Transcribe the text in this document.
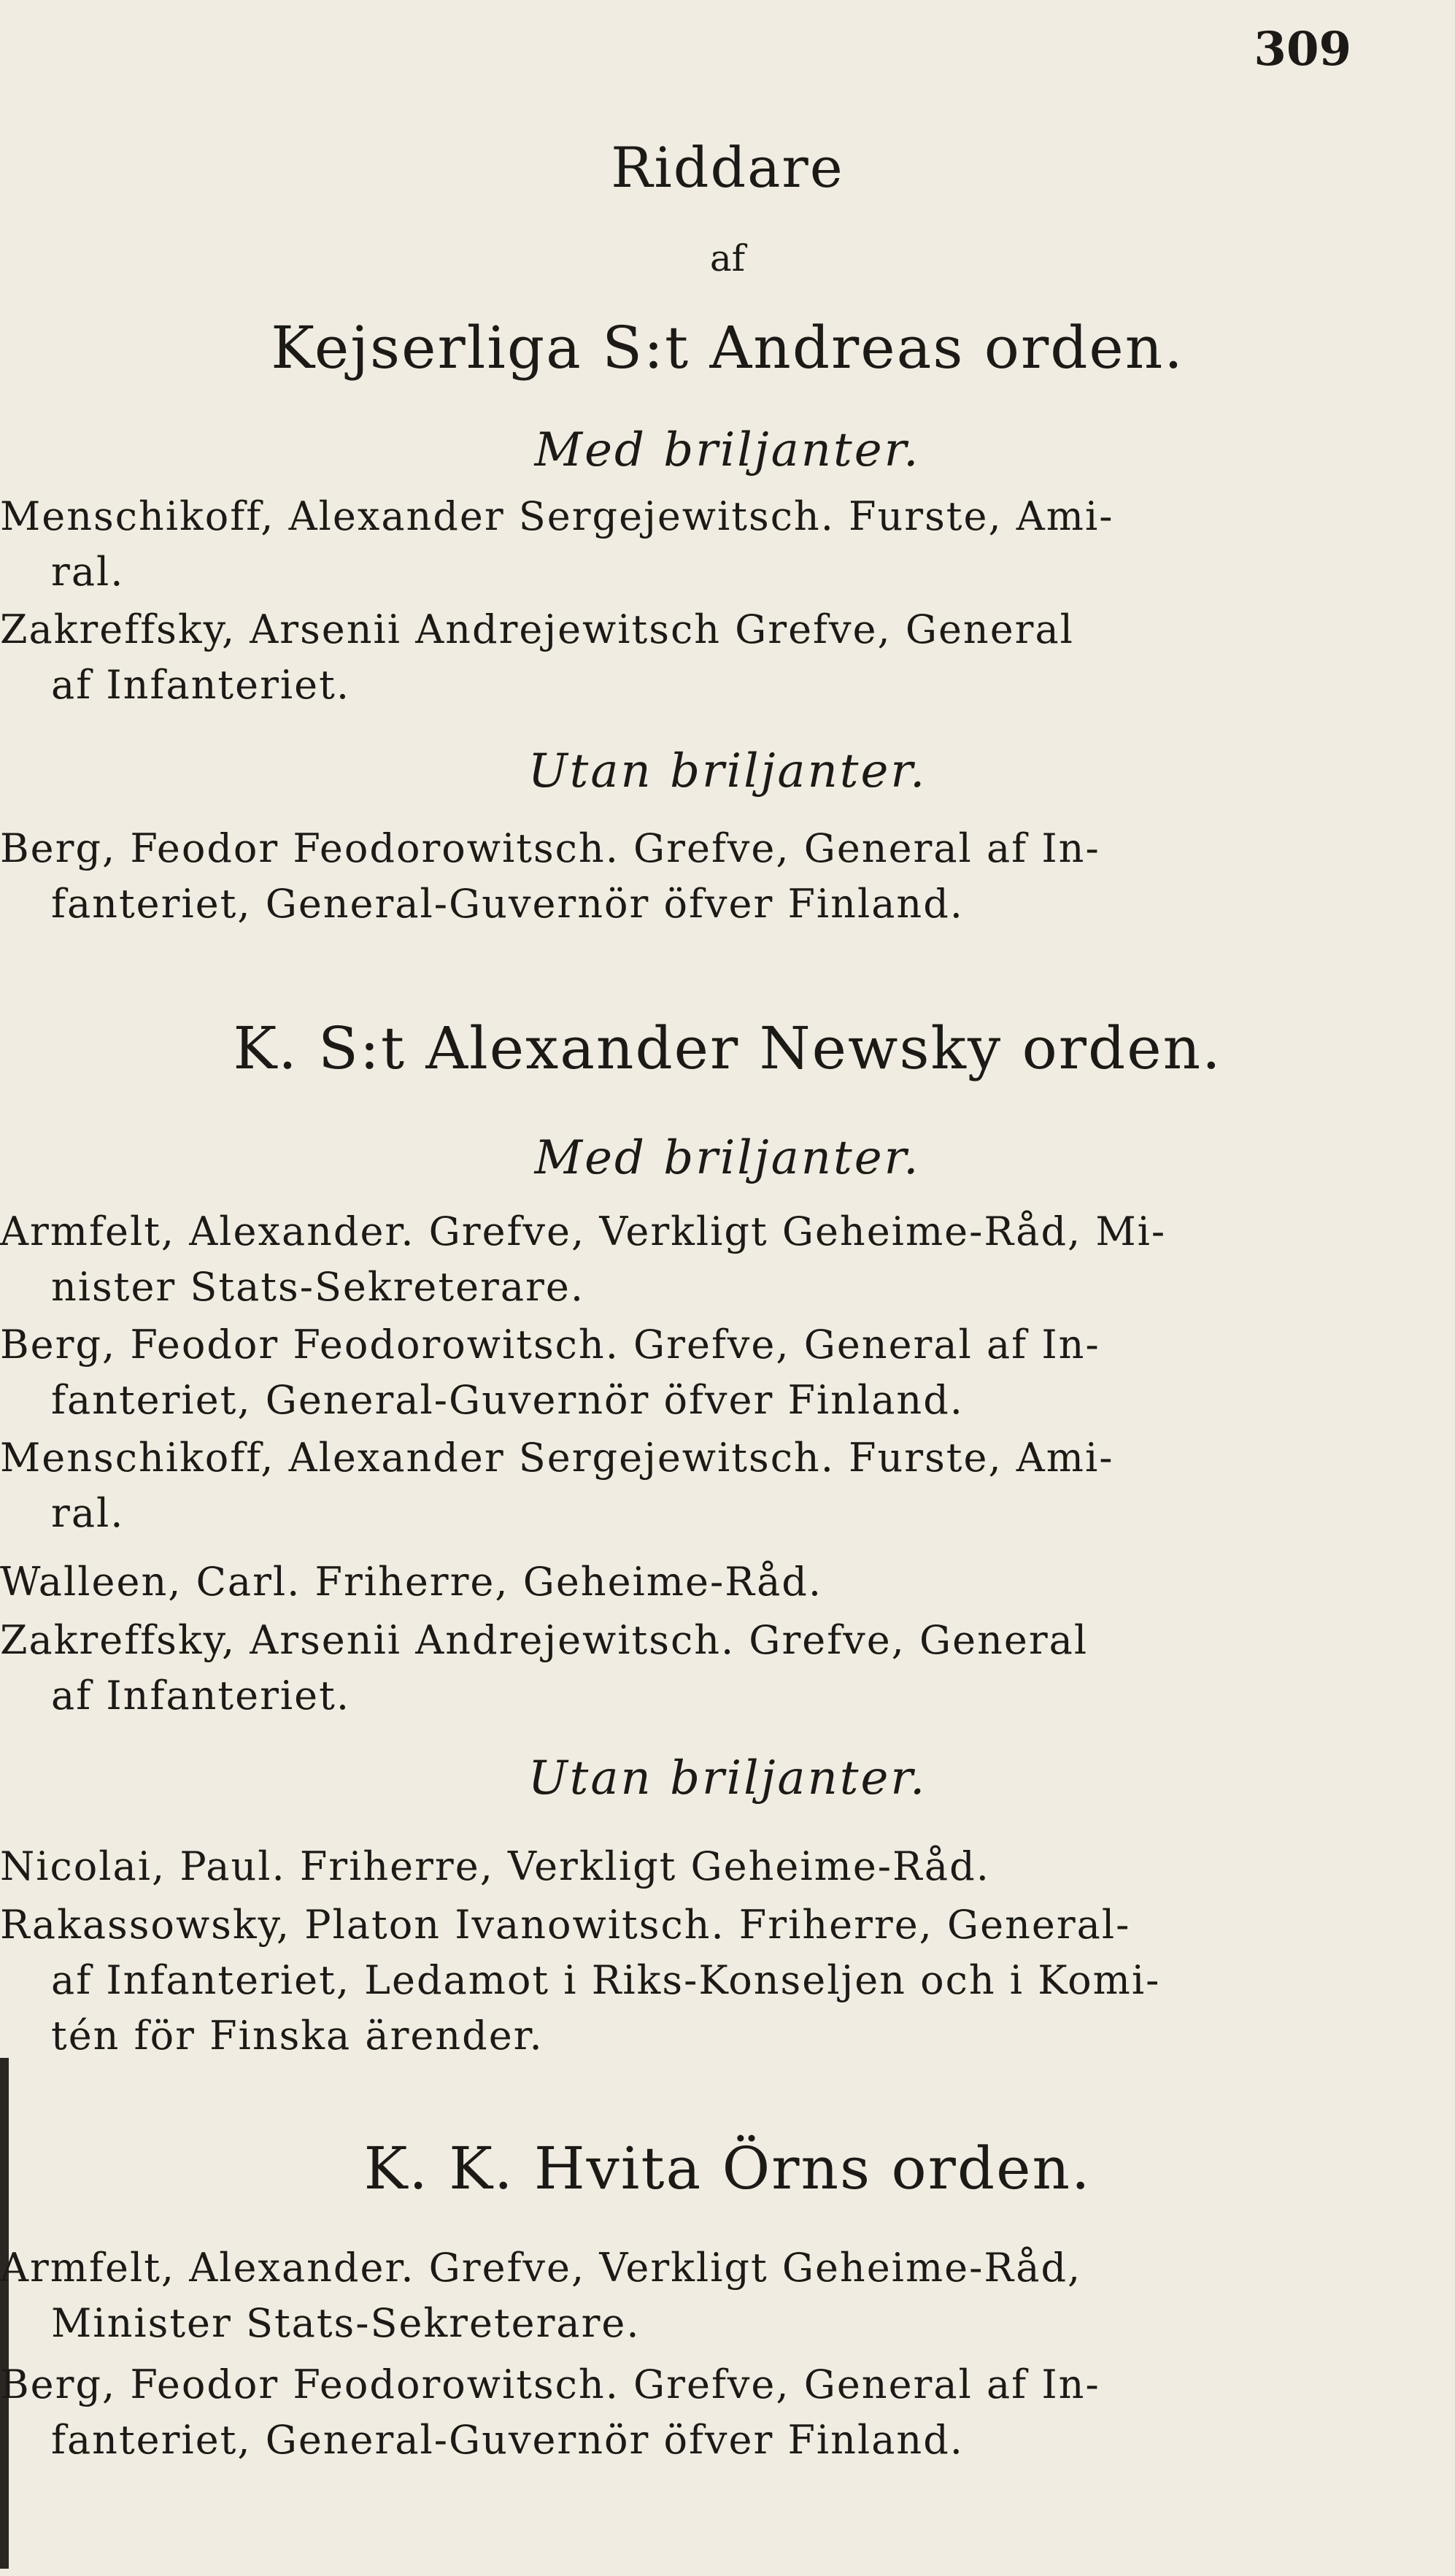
309
Riddare
af
Kejserliga S:t Andreas orden.
Med briljanter.
Menschikoff, Alexander Sergejewitsch. Furste, Ami-
ral.
Zakreffsky, Arsenii Andrejewitsch Grefve, General
af Infanteriet.
Utan briljanter.
Berg, Feodor Feodorowitsch. Grefve, General af In-
fanteriet, General-Guvernör öfver Finland.
K. S:t Alexander Newsky orden.
Med briljanter.
Armfelt, Alexander. Grefve, Verkligt Geheime-Råd, Mi-
nister Stats-Sekreterare.
Berg, Feodor Feodorowitsch. Grefve, General af In-
fanteriet, General-Guvernör öfver Finland.
Menschikoff, Alexander Sergejewitsch. Furste, Ami-
ral.
Walleen, Carl. Friherre, Geheime-Råd.
Zakreffsky, Arsenii Andrejewitsch. Grefve, General
af Infanteriet.
Utan briljanter.
Nicolai, Paul. Friherre, Verkligt Geheime-Råd.
Rakassowsky, Platon Ivanowitsch. Friherre, General-
af Infanteriet, Ledamot i Riks-Konseljen och i Komi-
tén för Finska ärender.
K. K. Hvita Örns orden.
Armfelt, Alexander. Grefve, Verkligt Geheime-Råd,
Minister Stats-Sekreterare.
Berg, Feodor Feodorowitsch. Grefve, General af In-
fanteriet, General-Guvernör öfver Finland.
